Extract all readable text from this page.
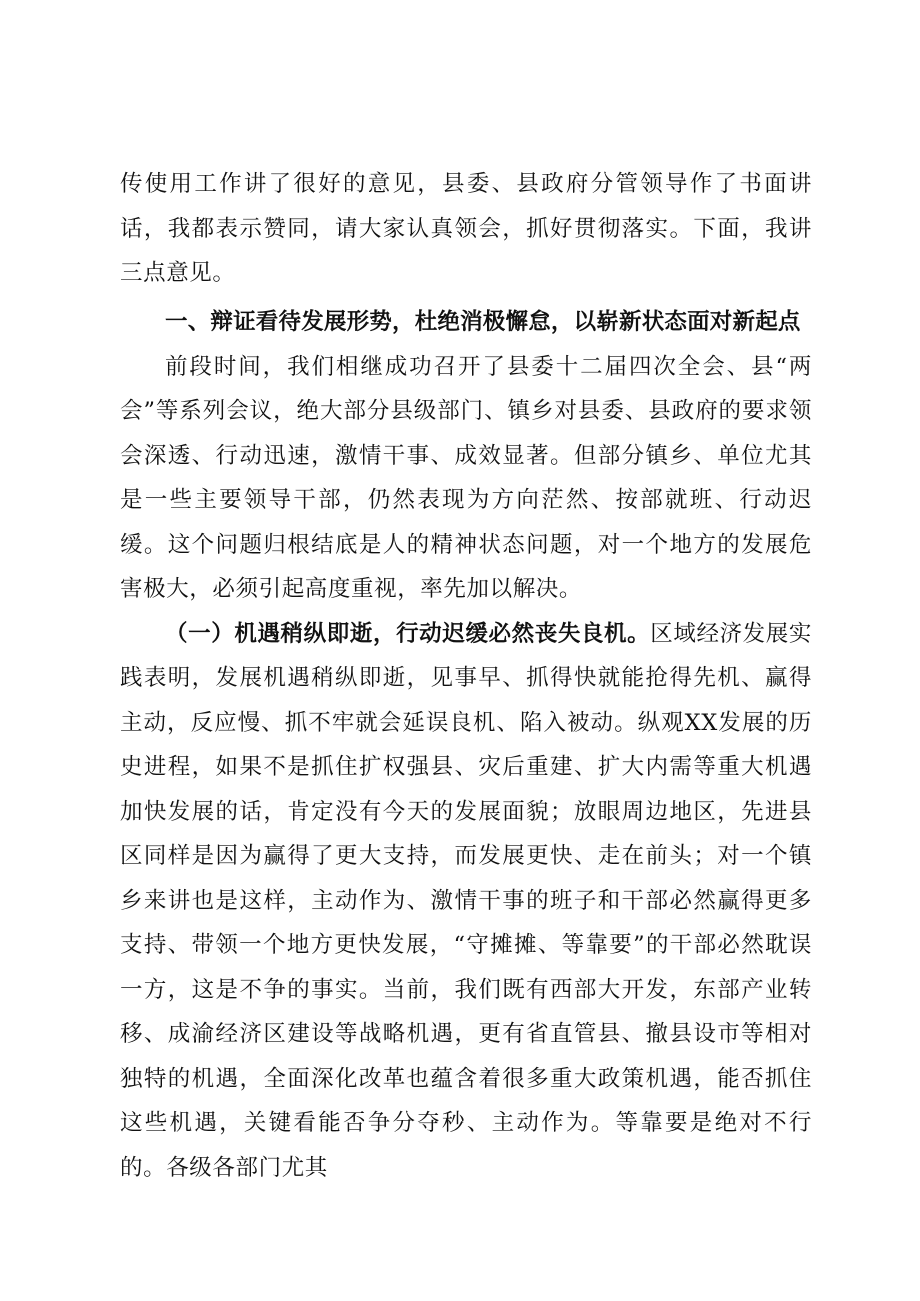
传使用工作讲了很好的意见，县委、县政府分管领导作了书面讲话，我都表示赞同，请大家认真领会，抓好贯彻落实。下面，我讲三点意见。

一、辩证看待发展形势，杜绝消极懈怠，以崭新状态面对新起点

前段时间，我们相继成功召开了县委十二届四次全会、县“两会”等系列会议，绝大部分县级部门、镇乡对县委、县政府的要求领会深透、行动迅速，激情干事、成效显著。但部分镇乡、单位尤其是一些主要领导干部，仍然表现为方向茫然、按部就班、行动迟缓。这个问题归根结底是人的精神状态问题，对一个地方的发展危害极大，必须引起高度重视，率先加以解决。

（一）机遇稍纵即逝，行动迟缓必然丧失良机。区域经济发展实践表明，发展机遇稍纵即逝，见事早、抓得快就能抢得先机、赢得主动，反应慢、抓不牢就会延误良机、陷入被动。纵观XX发展的历史进程，如果不是抓住扩权强县、灾后重建、扩大内需等重大机遇加快发展的话，肯定没有今天的发展面貌；放眼周边地区，先进县区同样是因为赢得了更大支持，而发展更快、走在前头；对一个镇乡来讲也是这样，主动作为、激情干事的班子和干部必然赢得更多支持、带领一个地方更快发展，“守摊摊、等靠要”的干部必然耽误一方，这是不争的事实。当前，我们既有西部大开发，东部产业转移、成渝经济区建设等战略机遇，更有省直管县、撤县设市等相对独特的机遇，全面深化改革也蕴含着很多重大政策机遇，能否抓住这些机遇，关键看能否争分夺秒、主动作为。等靠要是绝对不行的。各级各部门尤其
